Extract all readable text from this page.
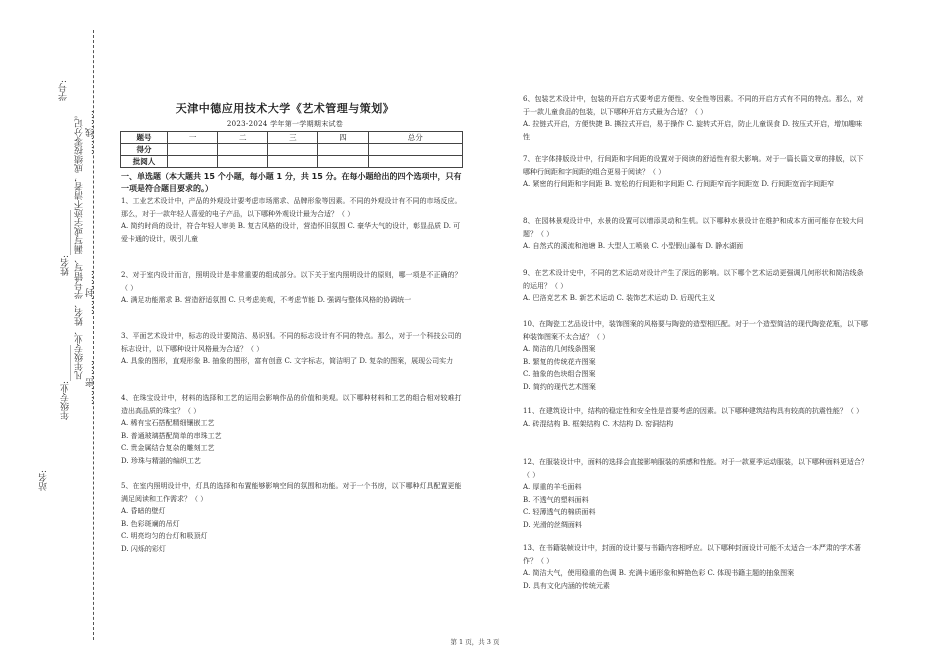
学号:
姓名:__________
……线……
年级专业:________
凡年级专业、姓名、学号错写、漏写或字迹不清者，成绩按零分记。 ……封……
站名:
……密……
天津中德应用技术大学《艺术管理与策划》
2023-2024 学年第一学期期末试卷
题号	一	二	三	四	总分
得分					
批阅人					
一、单选题（本大题共 15 个小题，每小题 1 分，共 15 分。在每小题给出的四个选项中，只有一项是符合题目要求的。）
1、工业艺术设计中，产品的外观设计要考虑市场需求、品牌形象等因素。不同的外观设计有不同的市场反应。那么，对于一款年轻人喜爱的电子产品，以下哪种外观设计最为合适？（ ）
A. 简约时尚的设计，符合年轻人审美 B. 复古风格的设计，营造怀旧氛围 C. 豪华大气的设计，彰显品质 D. 可爱卡通的设计，吸引儿童
2、对于室内设计而言，照明设计是非常重要的组成部分。以下关于室内照明设计的原则，哪一项是不正确的？（ ）
A. 满足功能需求 B. 营造舒适氛围 C. 只考虑美观，不考虑节能 D. 强调与整体风格的协调统一
3、平面艺术设计中，标志的设计要简洁、易识别。不同的标志设计有不同的特点。那么，对于一个科技公司的标志设计，以下哪种设计风格最为合适？（ ）
A. 具象的图形，直观形象 B. 抽象的图形，富有创意 C. 文字标志，简洁明了 D. 复杂的图案，展现公司实力
4、在珠宝设计中，材料的选择和工艺的运用会影响作品的价值和美观。以下哪种材料和工艺的组合相对较难打造出高品质的珠宝？（ ）
A. 稀有宝石搭配精细镶嵌工艺
B. 普通玻璃搭配简单的串珠工艺
C. 贵金属结合复杂的雕刻工艺
D. 珍珠与精湛的编织工艺
5、在室内照明设计中，灯具的选择和布置能够影响空间的氛围和功能。对于一个书房，以下哪种灯具配置更能满足阅读和工作需求？（ ）
A. 昏暗的壁灯
B. 色彩斑斓的吊灯
C. 明亮均匀的台灯和吸顶灯
D. 闪烁的彩灯
6、包装艺术设计中，包装的开启方式要考虑方便性、安全性等因素。不同的开启方式有不同的特点。那么，对于一款儿童食品的包装，以下哪种开启方式最为合适？（ ）
A. 拉链式开启，方便快捷 B. 撕拉式开启，易于操作 C. 旋转式开启，防止儿童误食 D. 按压式开启，增加趣味性
7、在字体排版设计中，行间距和字间距的设置对于阅读的舒适性有很大影响。对于一篇长篇文章的排版，以下哪种行间距和字间距的组合更易于阅读？（ ）
A. 紧密的行间距和字间距 B. 宽松的行间距和字间距 C. 行间距窄而字间距宽 D. 行间距宽而字间距窄
8、在园林景观设计中，水景的设置可以增添灵动和生机。以下哪种水景设计在维护和成本方面可能存在较大问题？（ ）
A. 自然式的溪流和池塘 B. 大型人工喷泉 C. 小型假山瀑布 D. 静水湖面
9、在艺术设计史中，不同的艺术运动对设计产生了深远的影响。以下哪个艺术运动更强调几何形状和简洁线条的运用？（ ）
A. 巴洛克艺术 B. 新艺术运动 C. 装饰艺术运动 D. 后现代主义
10、在陶瓷工艺品设计中，装饰图案的风格要与陶瓷的造型相匹配。对于一个造型简洁的现代陶瓷花瓶，以下哪种装饰图案不太合适？（ ）
A. 简洁的几何线条图案
B. 繁复的传统花卉图案
C. 抽象的色块组合图案
D. 简约的现代艺术图案
11、在建筑设计中，结构的稳定性和安全性是首要考虑的因素。以下哪种建筑结构具有较高的抗震性能？（ ）
A. 砖混结构 B. 框架结构 C. 木结构 D. 窑洞结构
12、在服装设计中，面料的选择会直接影响服装的质感和性能。对于一款夏季运动服装，以下哪种面料更适合？（ ）
A. 厚重的羊毛面料
B. 不透气的塑料面料
C. 轻薄透气的棉质面料
D. 光滑的丝绸面料
13、在书籍装帧设计中，封面的设计要与书籍内容相呼应。以下哪种封面设计可能不太适合一本严肃的学术著作？（ ）
A. 简洁大气，使用稳重的色调 B. 充满卡通形象和鲜艳色彩 C. 体现书籍主题的抽象图案
D. 具有文化内涵的传统元素
第 1 页，共 3 页
